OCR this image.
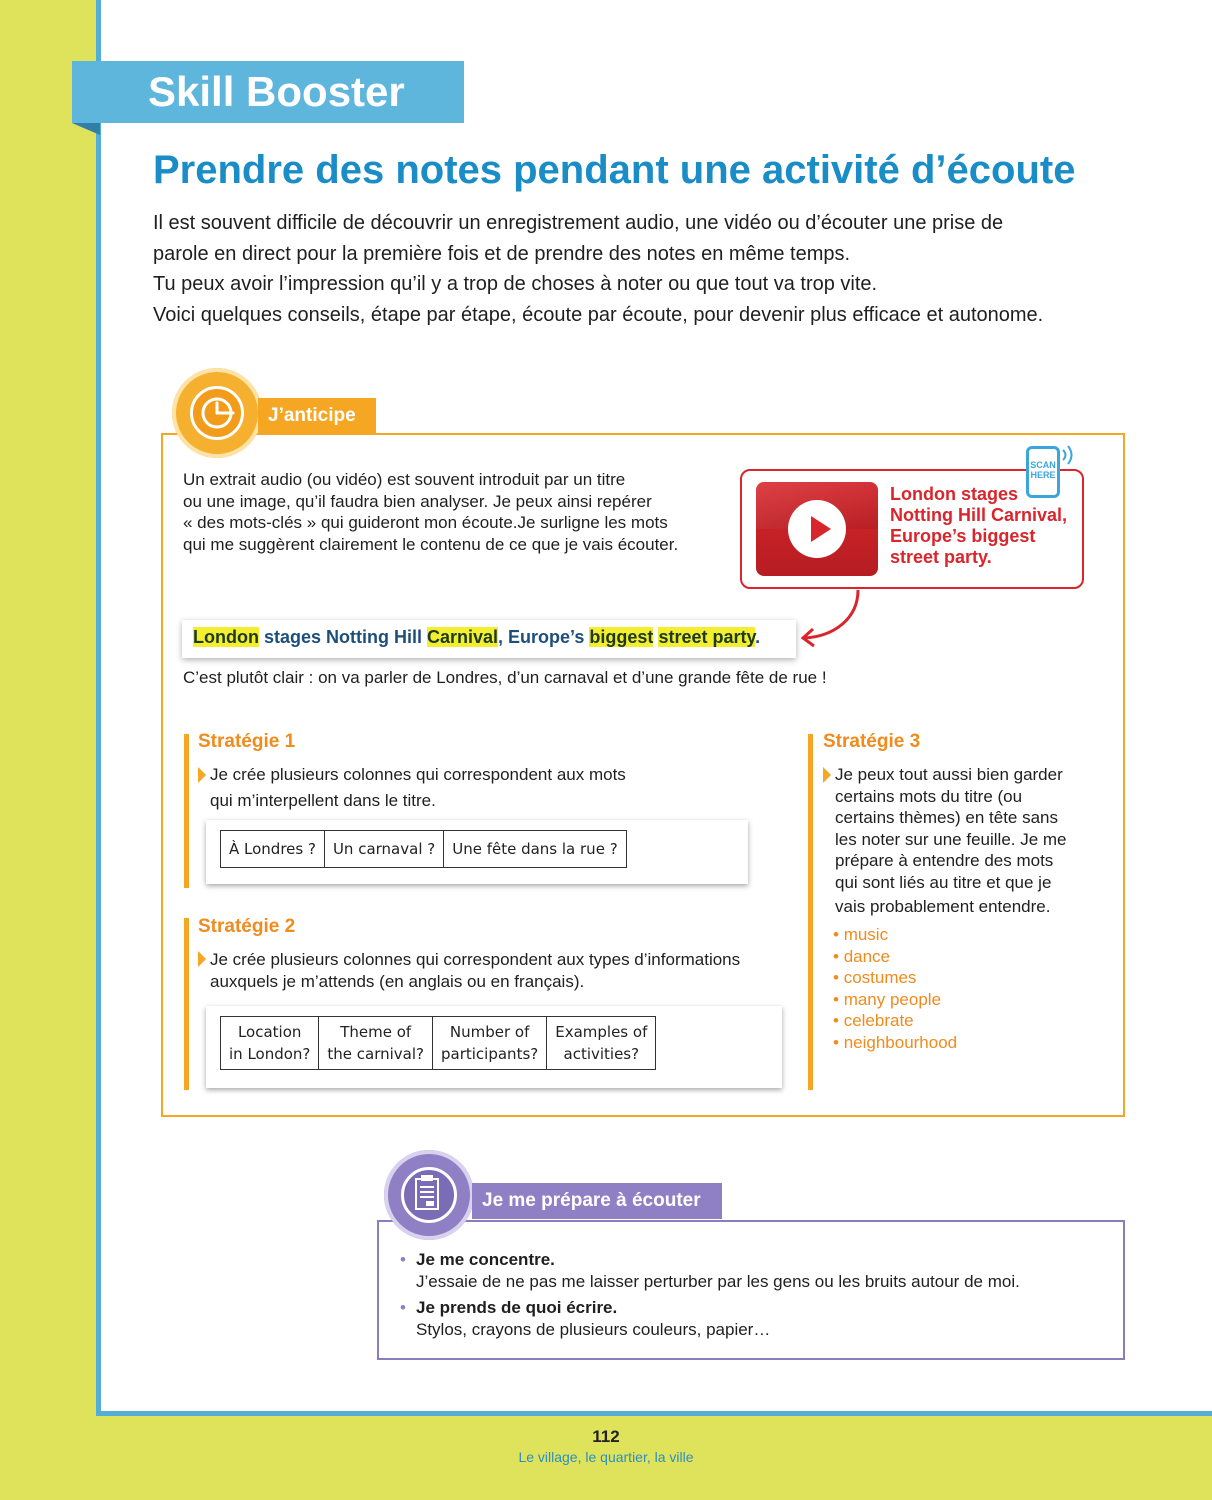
Skill Booster
Prendre des notes pendant une activité d’écoute

Il est souvent difficile de découvrir un enregistrement audio, une vidéo ou d’écouter une prise de

parole en direct pour la première fois et de prendre des notes en même temps.

Tu peux avoir l’impression qu’il y a trop de choses à noter ou que tout va trop vite.

Voici quelques conseils, étape par étape, écoute par écoute, pour devenir plus efficace et autonome.

J’anticipe

Un extrait audio (ou vidéo) est souvent introduit par un titre

ou une image, qu’il faudra bien analyser. Je peux ainsi repérer

« des mots-clés » qui guideront mon écoute.Je surligne les mots

qui me suggèrent clairement le contenu de ce que je vais écouter.

London stages

Notting Hill Carnival,

Europe’s biggest

street party.

SCAN

HERE

London stages Notting Hill Carnival, Europe’s biggest street party.

C’est plutôt clair : on va parler de Londres, d’un carnaval et d’une grande fête de rue !

Stratégie 1

Je crée plusieurs colonnes qui correspondent aux mots

qui m’interpellent dans le titre.

À Londres ?	Un carnaval ?	Une fête dans la rue ?
Stratégie 2

Je crée plusieurs colonnes qui correspondent aux types d’informations

auxquels je m’attends (en anglais ou en français).

Location
in London?	Theme of
the carnival?	Number of
participants?	Examples of
activities?
Stratégie 3

Je peux tout aussi bien garder

certains mots du titre (ou

certains thèmes) en tête sans

les noter sur une feuille. Je me

prépare à entendre des mots

qui sont liés au titre et que je

vais probablement entendre.

• music
• dance
• costumes
• many people
• celebrate
• neighbourhood
Je me prépare à écouter
• Je me concentre.
J’essaie de ne pas me laisser perturber par les gens ou les bruits autour de moi.
• Je prends de quoi écrire.
Stylos, crayons de plusieurs couleurs, papier…

112

Le village, le quartier, la ville
